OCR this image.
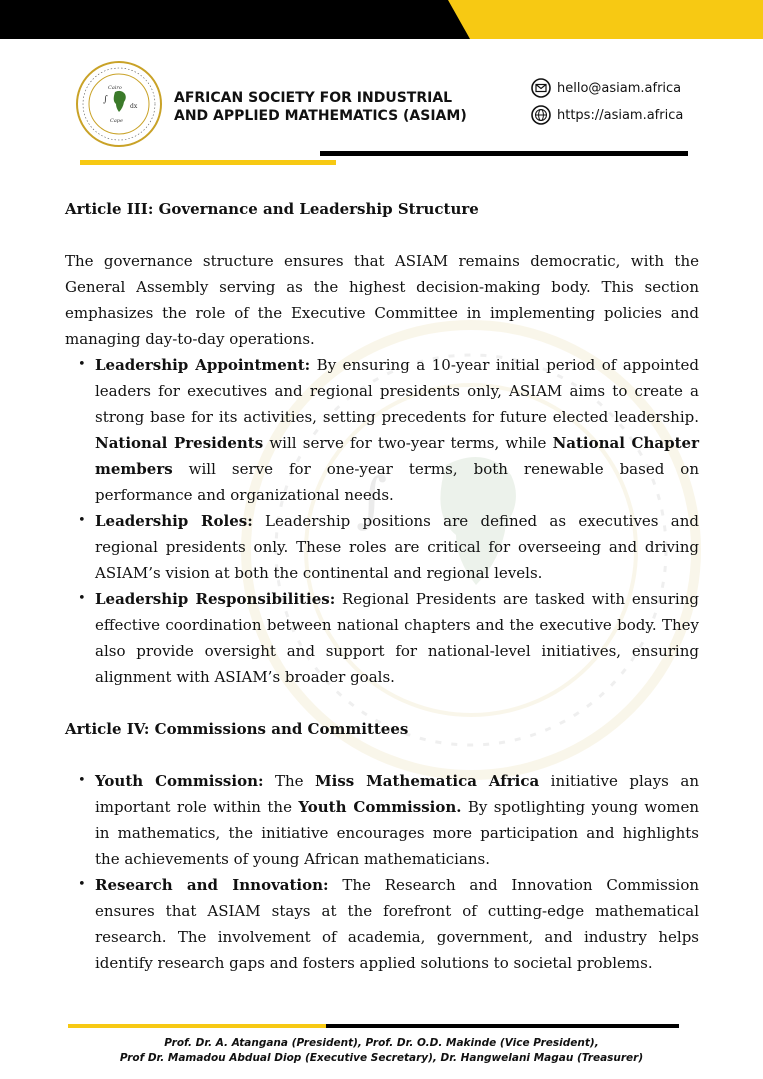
∫
dx
Cairo
Cape
AFRICAN SOCIETY FOR INDUSTRIAL
AND APPLIED MATHEMATICS (ASIAM)
hello@asiam.africa
https://asiam.africa
∫

Article III: Governance and Leadership Structure

The governance structure ensures that ASIAM remains democratic, with the General Assembly serving as the highest decision-making body. This section emphasizes the role of the Executive Committee in implementing policies and managing day-to-day operations.

• Leadership Appointment: By ensuring a 10-year initial period of appointed leaders for executives and regional presidents only, ASIAM aims to create a strong base for its activities, setting precedents for future elected leadership. National Presidents will serve for two-year terms, while National Chapter members will serve for one-year terms, both renewable based on performance and organizational needs.
• Leadership Roles: Leadership positions are defined as executives and regional presidents only. These roles are critical for overseeing and driving ASIAM’s vision at both the continental and regional levels.
• Leadership Responsibilities: Regional Presidents are tasked with ensuring effective coordination between national chapters and the executive body. They also provide oversight and support for national-level initiatives, ensuring alignment with ASIAM’s broader goals.

Article IV: Commissions and Committees

• Youth Commission: The Miss Mathematica Africa initiative plays an important role within the Youth Commission. By spotlighting young women in mathematics, the initiative encourages more participation and highlights the achievements of young African mathematicians.
• Research and Innovation: The Research and Innovation Commission ensures that ASIAM stays at the forefront of cutting-edge mathematical research. The involvement of academia, government, and industry helps identify research gaps and fosters applied solutions to societal problems.
Prof. Dr. A. Atangana (President), Prof. Dr. O.D. Makinde (Vice President),
Prof Dr. Mamadou Abdual Diop (Executive Secretary), Dr. Hangwelani Magau (Treasurer)
